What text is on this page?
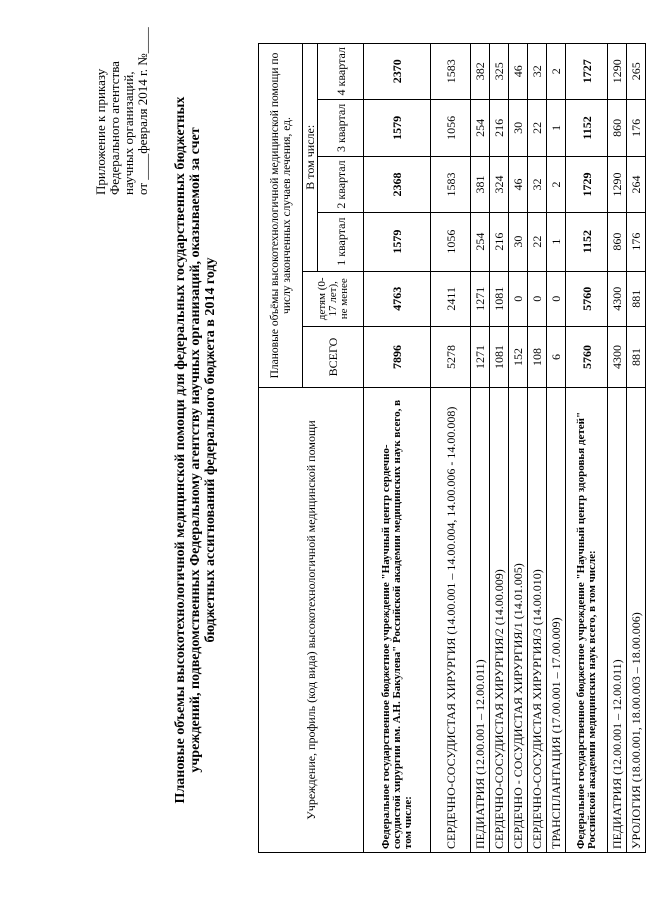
Приложение к приказу Федерального агентства научных организаций, от ____февраля 2014 г. №____ Плановые объемы высокотехнологичной медицинской помощи для федеральных государственных бюджетных учреждений, подведомственных Федеральному агентству научных организаций, оказываемой за счет бюджетных ассигнований федерального бюджета в 2014 году	Учреждение, профиль (код вида) высокотехнологичной медицинской помощи	Плановые объёмы высокотехнологичной медицинской помощи по числу законченных случаев лечения, ед.					
	ВСЕГО	детям (0-17 лет), не менее	В том числе:			
			1 квартал	2 квартал	3 квартал	4 квартал
Федеральное государственное бюджетное учреждение "Научный центр сердечно-сосудистой хирургии им. А.Н. Бакулева" Российской академии медицинских наук всего, в том числе:	7896	4763	1579	2368	1579	2370
СЕРДЕЧНО-СОСУДИСТАЯ ХИРУРГИЯ (14.00.001 – 14.00.004, 14.00.006 - 14.00.008)	5278	2411	1056	1583	1056	1583
ПЕДИАТРИЯ (12.00.001 – 12.00.011)	1271	1271	254	381	254	382
СЕРДЕЧНО-СОСУДИСТАЯ ХИРУРГИЯ/2 (14.00.009)	1081	1081	216	324	216	325
СЕРДЕЧНО - СОСУДИСТАЯ ХИРУРГИЯ/1 (14.01.005)	152	0	30	46	30	46
СЕРДЕЧНО-СОСУДИСТАЯ ХИРУРГИЯ/3 (14.00.010)	108	0	22	32	22	32
ТРАНСПЛАНТАЦИЯ (17.00.001 – 17.00.009)	6	0	1	2	1	2
Федеральное государственное бюджетное учреждение "Научный центр здоровья детей" Российской академии медицинских наук всего, в том числе:	5760	5760	1152	1729	1152	1727
ПЕДИАТРИЯ (12.00.001 – 12.00.011)	4300	4300	860	1290	860	1290
УРОЛОГИЯ (18.00.001, 18.00.003 – 18.00.006)	881	881	176	264	176	265
